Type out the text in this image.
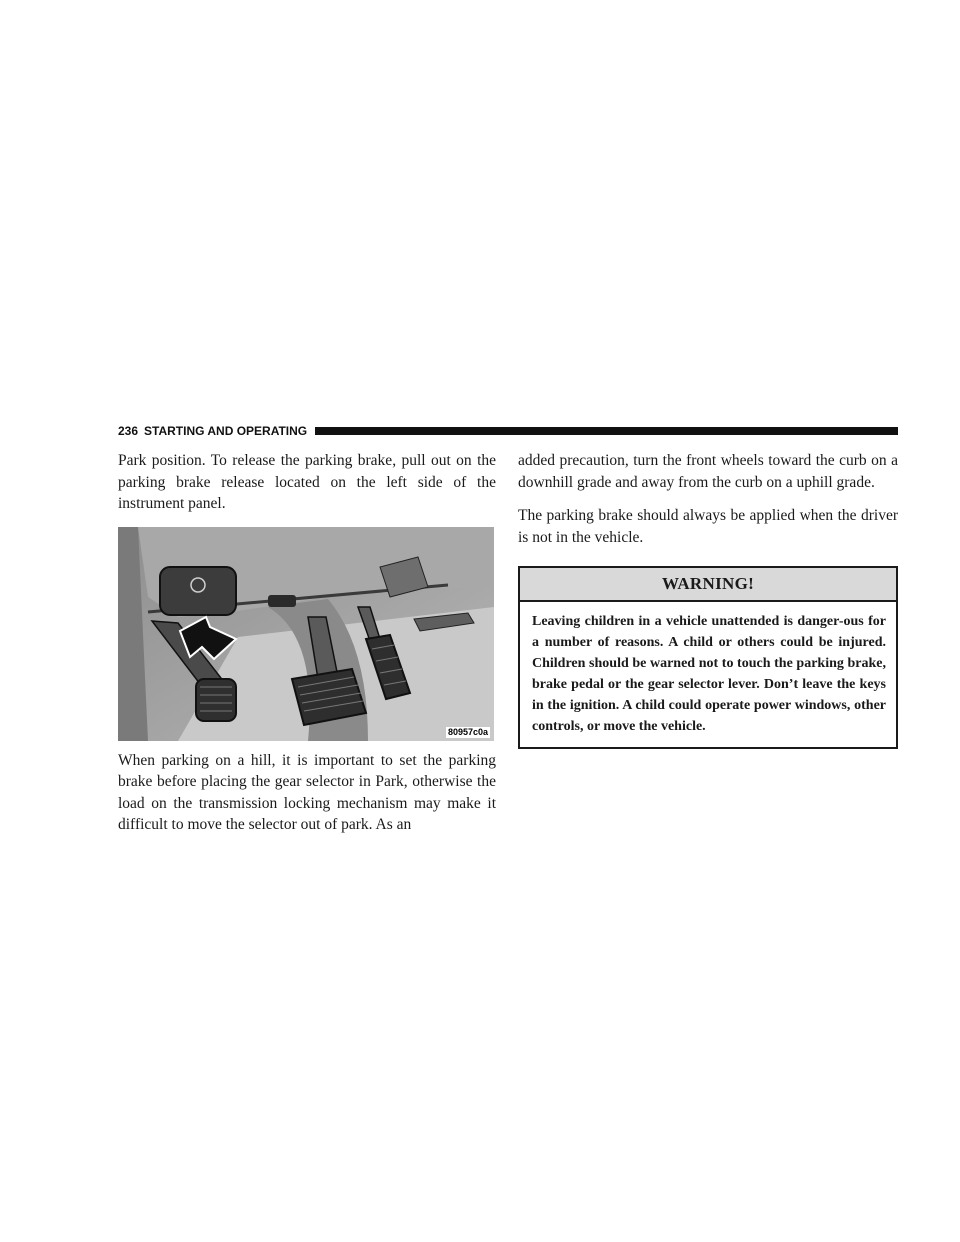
236 STARTING AND OPERATING

Park position. To release the parking brake, pull out on the parking brake release located on the left side of the instrument panel.

80957c0a

When parking on a hill, it is important to set the parking brake before placing the gear selector in Park, otherwise the load on the transmission locking mechanism may make it difficult to move the selector out of park. As an

added precaution, turn the front wheels toward the curb on a downhill grade and away from the curb on a uphill grade.

The parking brake should always be applied when the driver is not in the vehicle.

WARNING!
Leaving children in a vehicle unattended is danger-ous for a number of reasons. A child or others could be injured. Children should be warned not to touch the parking brake, brake pedal or the gear selector lever. Don’t leave the keys in the ignition. A child could operate power windows, other controls, or move the vehicle.
